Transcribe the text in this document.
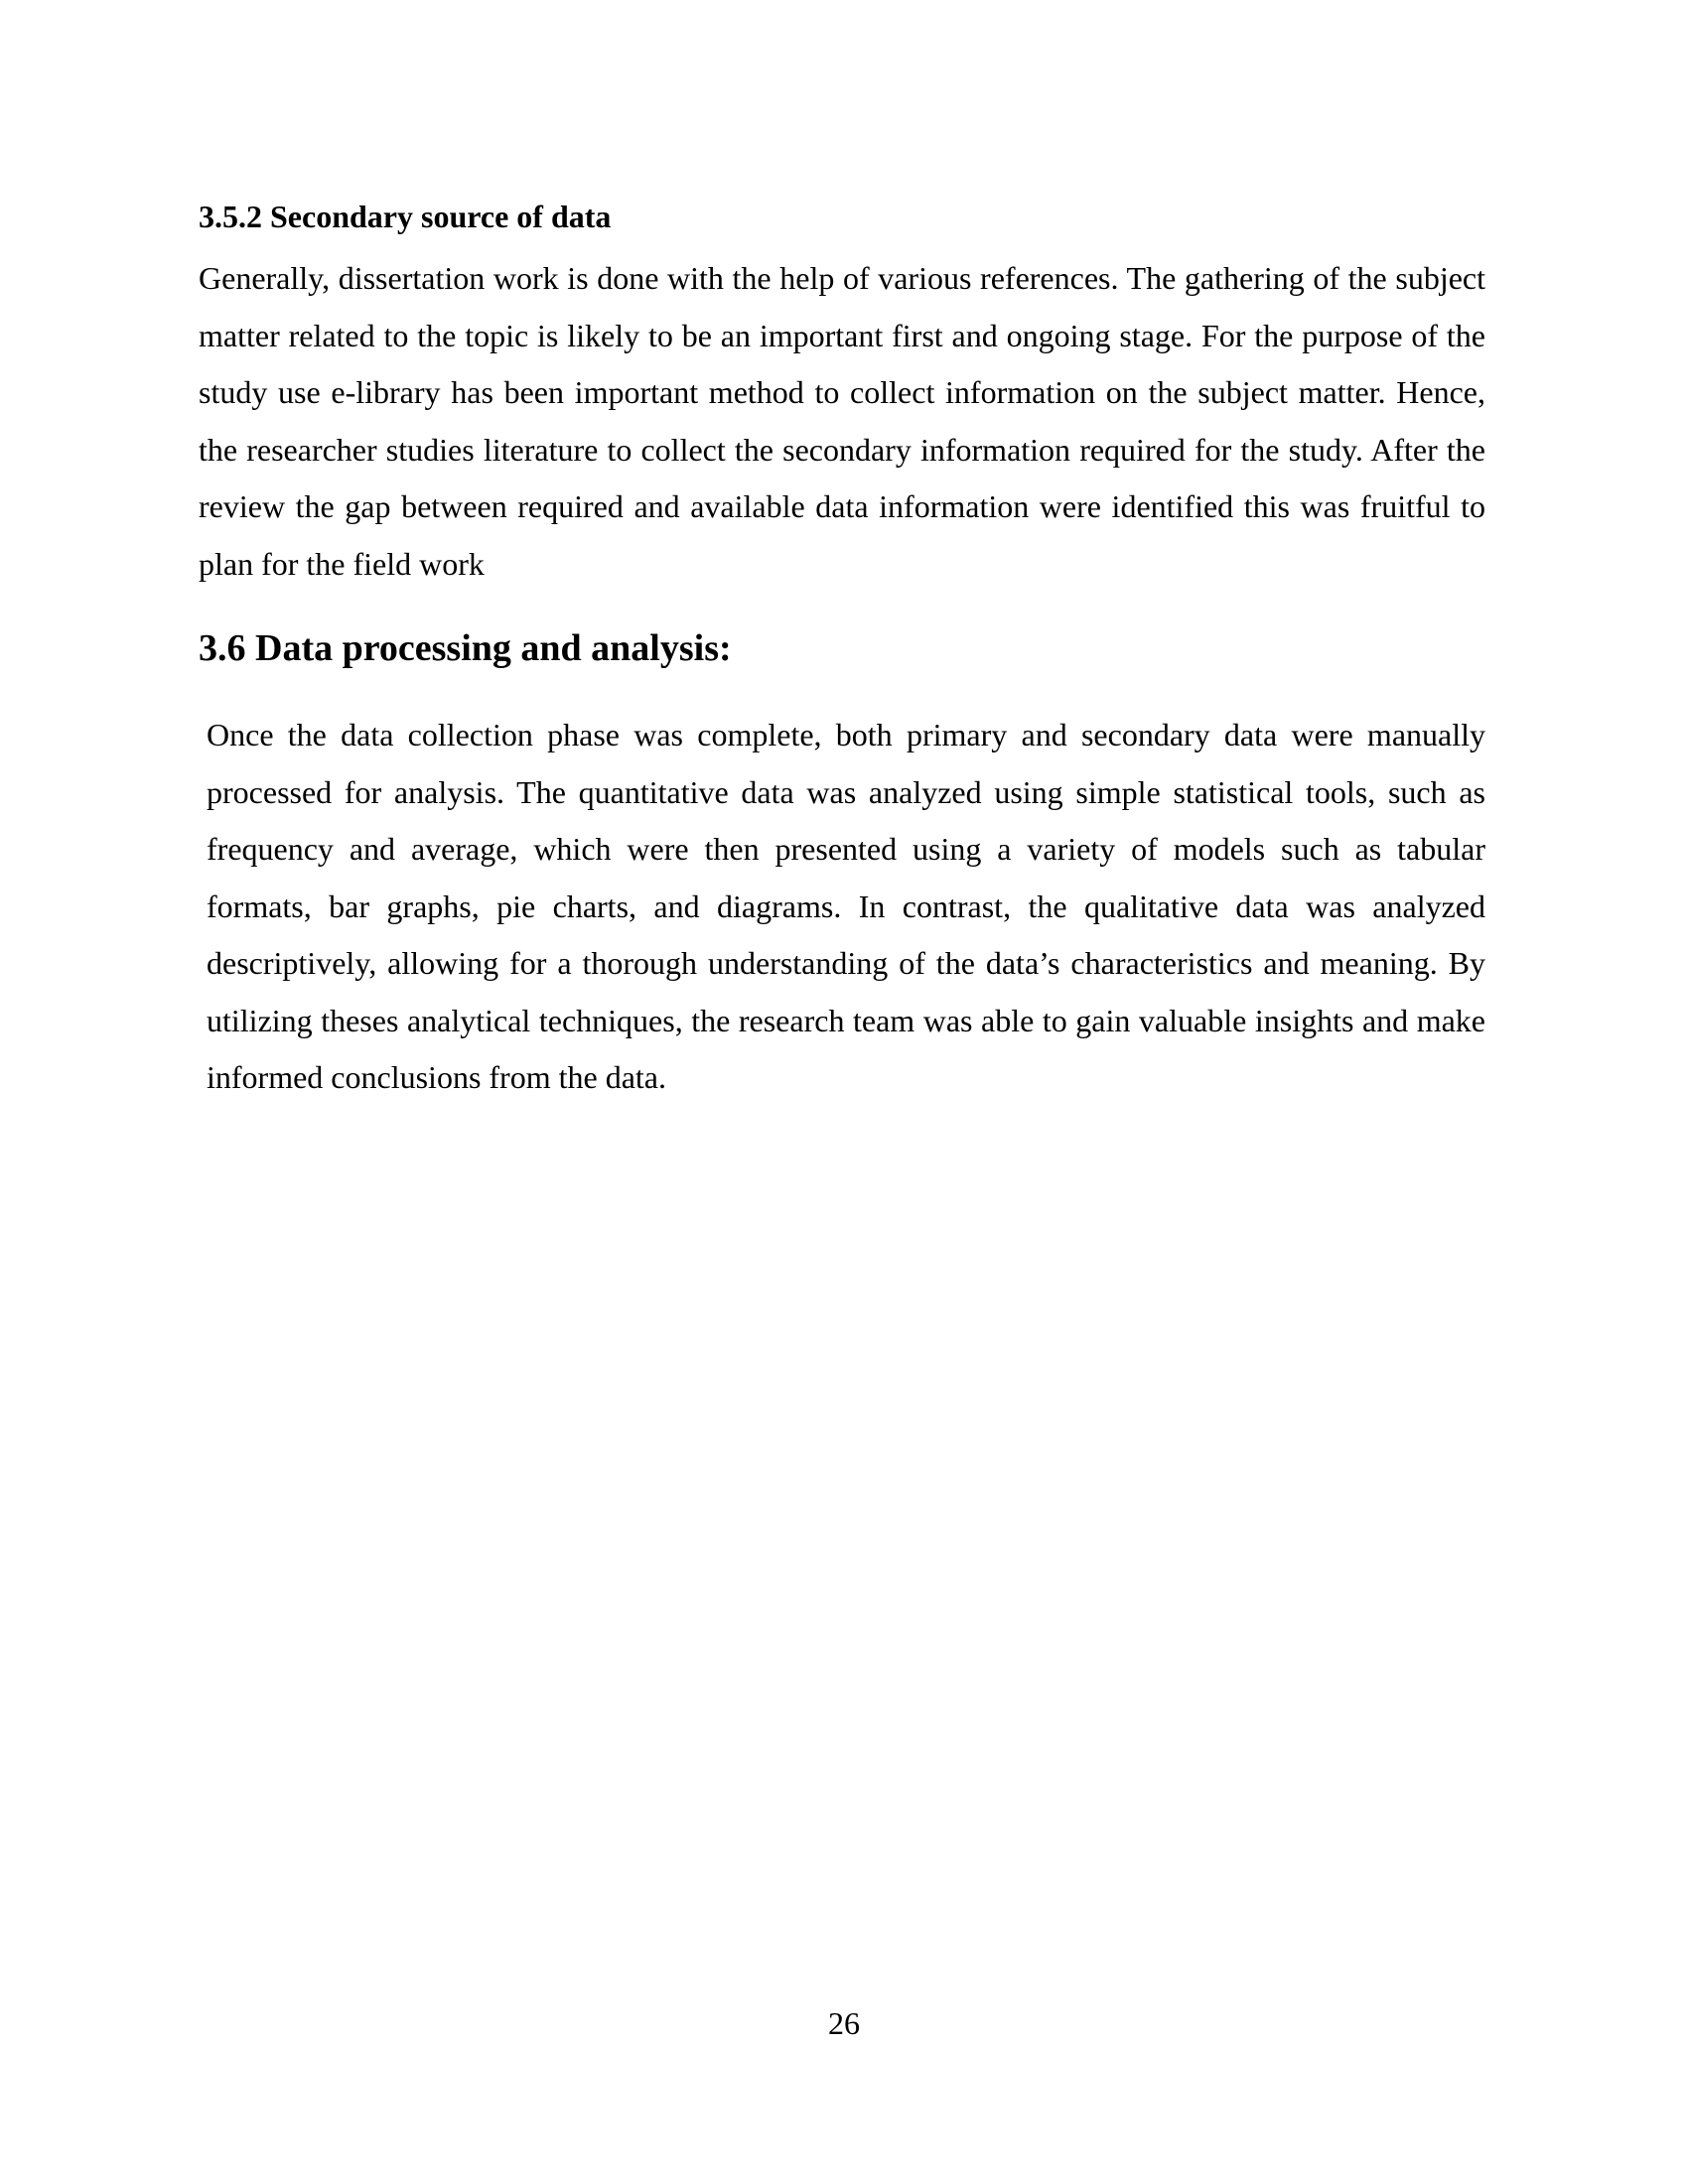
3.5.2 Secondary source of data

Generally, dissertation work is done with the help of various references. The gathering of the subject matter related to the topic is likely to be an important first and ongoing stage. For the purpose of the study use e-library has been important method to collect information on the subject matter. Hence, the researcher studies literature to collect the secondary information required for the study. After the review the gap between required and available data information were identified this was fruitful to plan for the field work

3.6 Data processing and analysis:

Once the data collection phase was complete, both primary and secondary data were manually processed for analysis. The quantitative data was analyzed using simple statistical tools, such as frequency and average, which were then presented using a variety of models such as tabular formats, bar graphs, pie charts, and diagrams. In contrast, the qualitative data was analyzed descriptively, allowing for a thorough understanding of the data’s characteristics and meaning. By utilizing theses analytical techniques, the research team was able to gain valuable insights and make informed conclusions from the data.

26
